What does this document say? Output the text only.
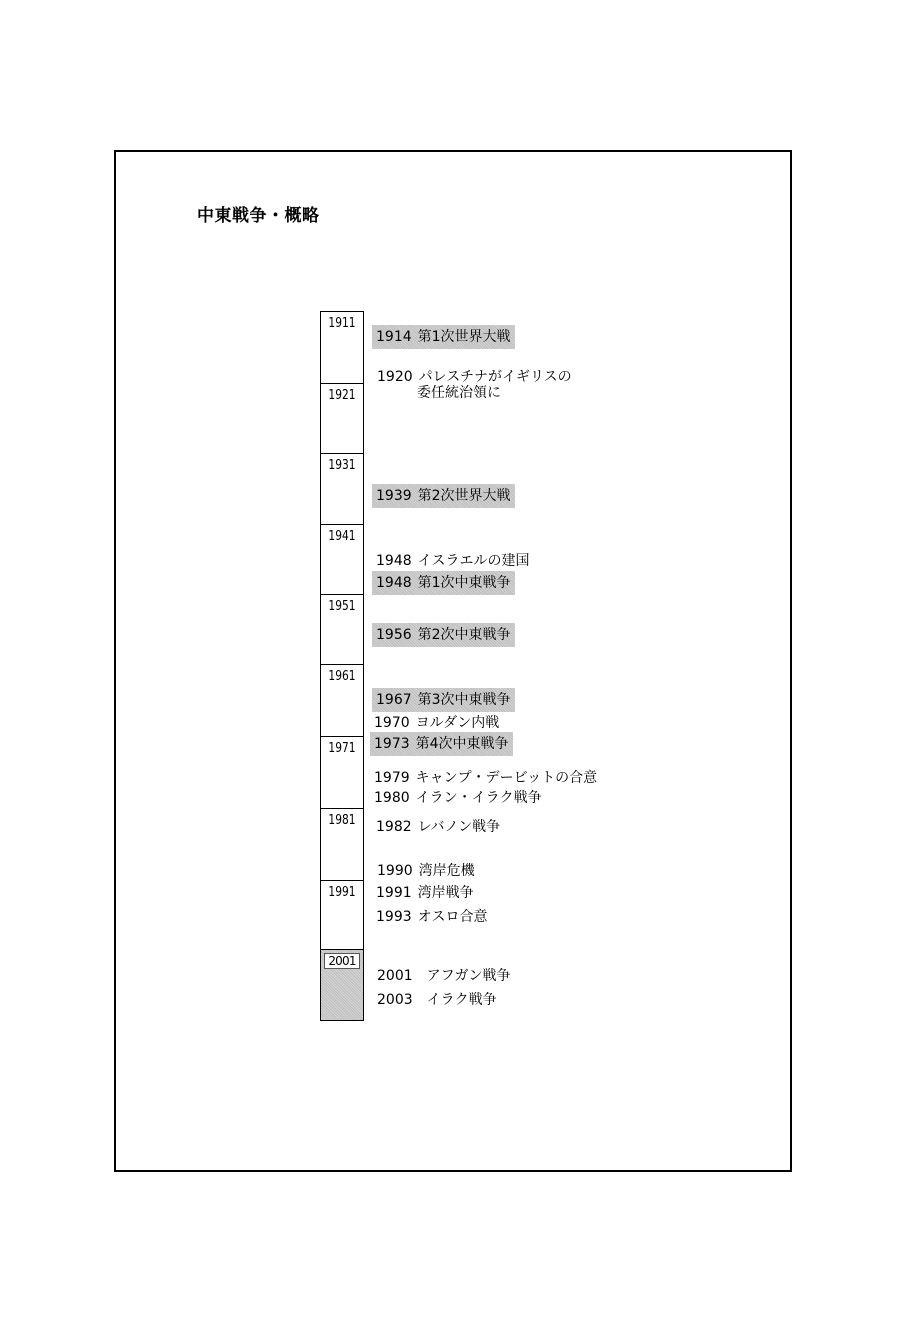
中東戦争・概略
1911
1921
1931
1941
1951
1961
1971
1981
1991
2001
1914 第1次世界大戦
1920 パレスチナがイギリスの
委任統治領に
1939 第2次世界大戦
1948 イスラエルの建国
1948 第1次中東戦争
1956 第2次中東戦争
1967 第3次中東戦争
1970 ヨルダン内戦
1973 第4次中東戦争
1979 キャンプ・デービットの合意
1980 イラン・イラク戦争
1982 レバノン戦争
1990 湾岸危機
1991 湾岸戦争
1993 オスロ合意
2001 アフガン戦争
2003 イラク戦争
